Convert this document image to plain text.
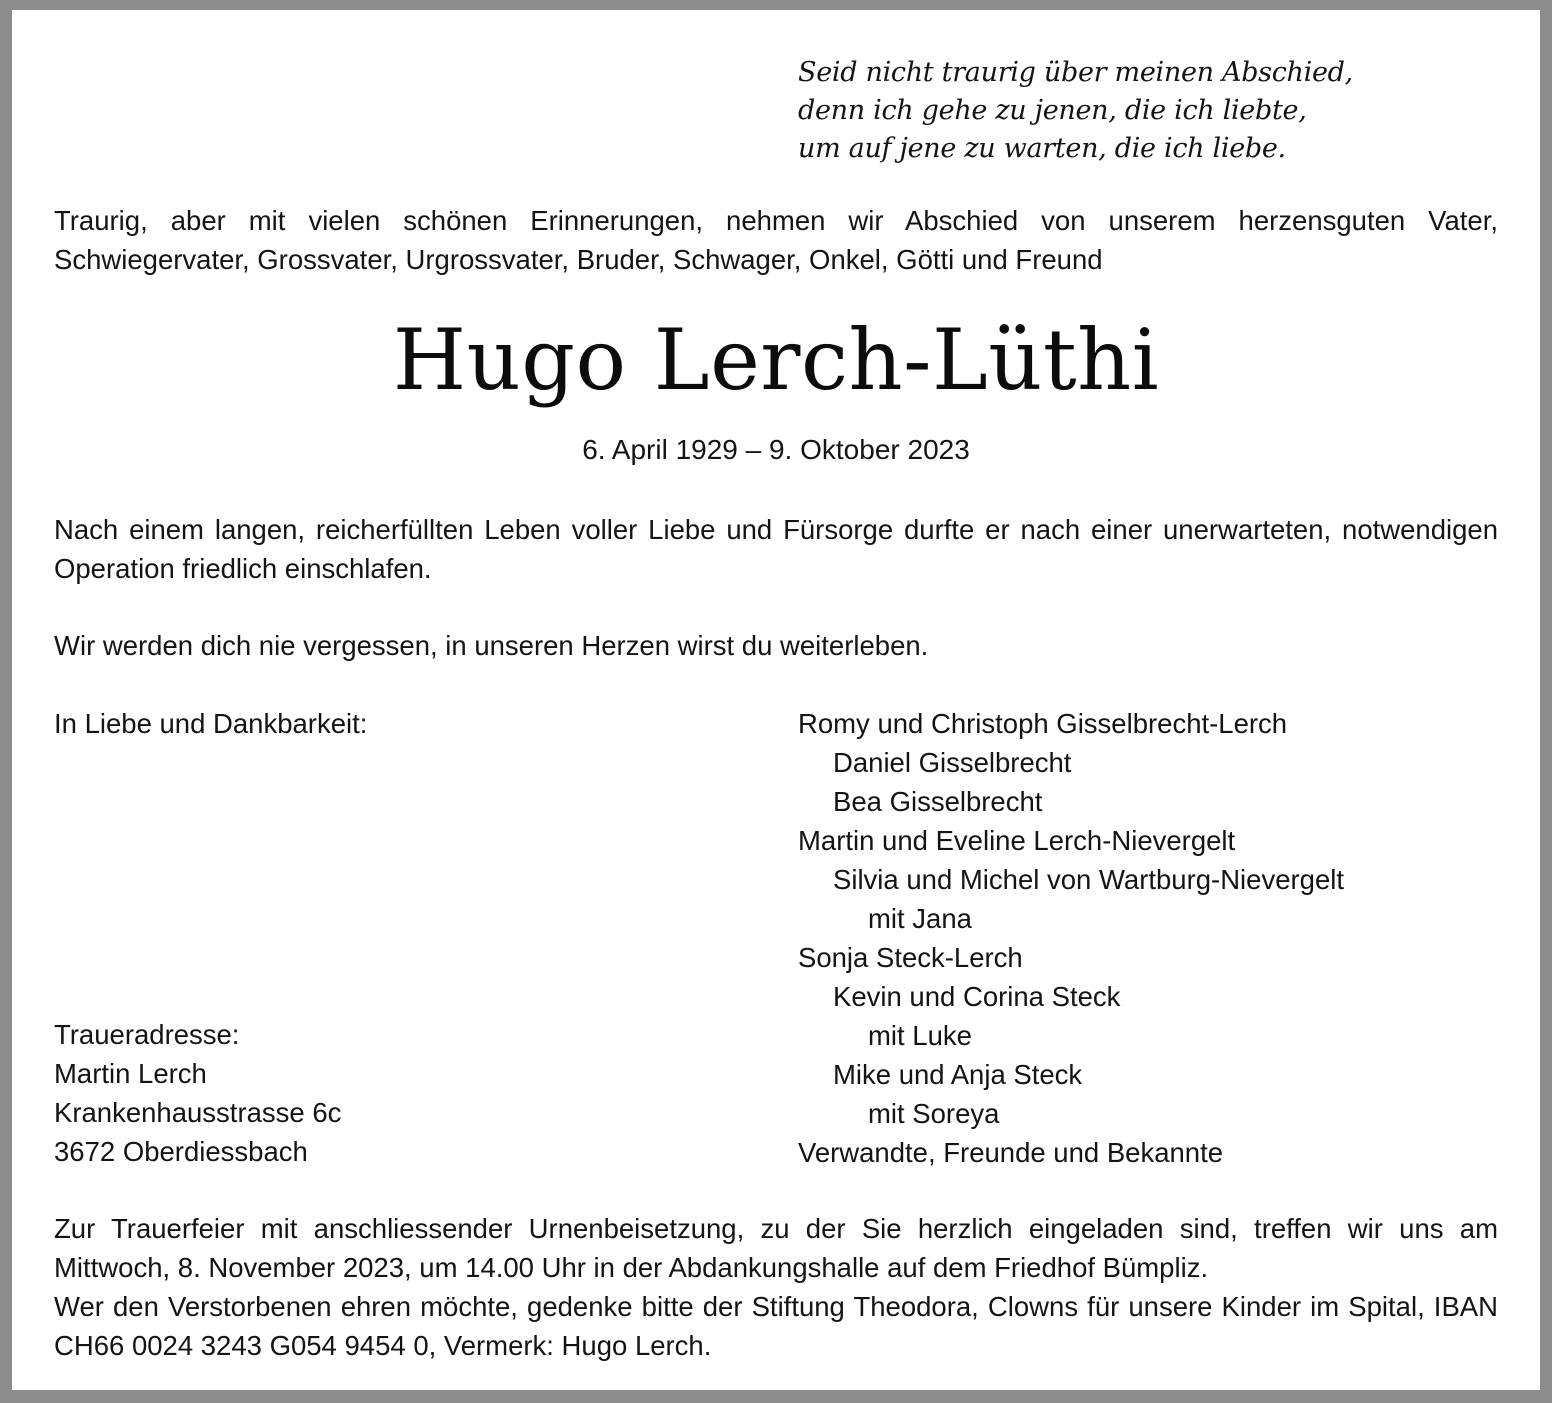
Seid nicht traurig über meinen Abschied,
denn ich gehe zu jenen, die ich liebte,
um auf jene zu warten, die ich liebe.
Traurig, aber mit vielen schönen Erinnerungen, nehmen wir Abschied von unserem herzensguten Vater, Schwiegervater, Grossvater, Urgrossvater, Bruder, Schwager, Onkel, Götti und Freund
Hugo Lerch-Lüthi
6. April 1929 – 9. Oktober 2023
Nach einem langen, reicherfüllten Leben voller Liebe und Fürsorge durfte er nach einer unerwarteten, notwendigen Operation friedlich einschlafen.
Wir werden dich nie vergessen, in unseren Herzen wirst du weiterleben.
In Liebe und Dankbarkeit:	Romy und Christoph Gisselbrecht-Lerch
Daniel Gisselbrecht
Bea Gisselbrecht
Martin und Eveline Lerch-Nievergelt
Silvia und Michel von Wartburg-Nievergelt
mit Jana
Sonja Steck-Lerch
Kevin und Corina Steck
mit Luke
Mike und Anja Steck
mit Soreya
Verwandte, Freunde und Bekannte
Traueradresse:
Martin Lerch
Krankenhausstrasse 6c
3672 Oberdiessbach
Zur Trauerfeier mit anschliessender Urnenbeisetzung, zu der Sie herzlich eingeladen sind, treffen wir uns am Mittwoch, 8. November 2023, um 14.00 Uhr in der Abdankungshalle auf dem Friedhof Bümpliz.
Wer den Verstorbenen ehren möchte, gedenke bitte der Stiftung Theodora, Clowns für unsere Kinder im Spital, IBAN CH66 0024 3243 G054 9454 0, Vermerk: Hugo Lerch.
